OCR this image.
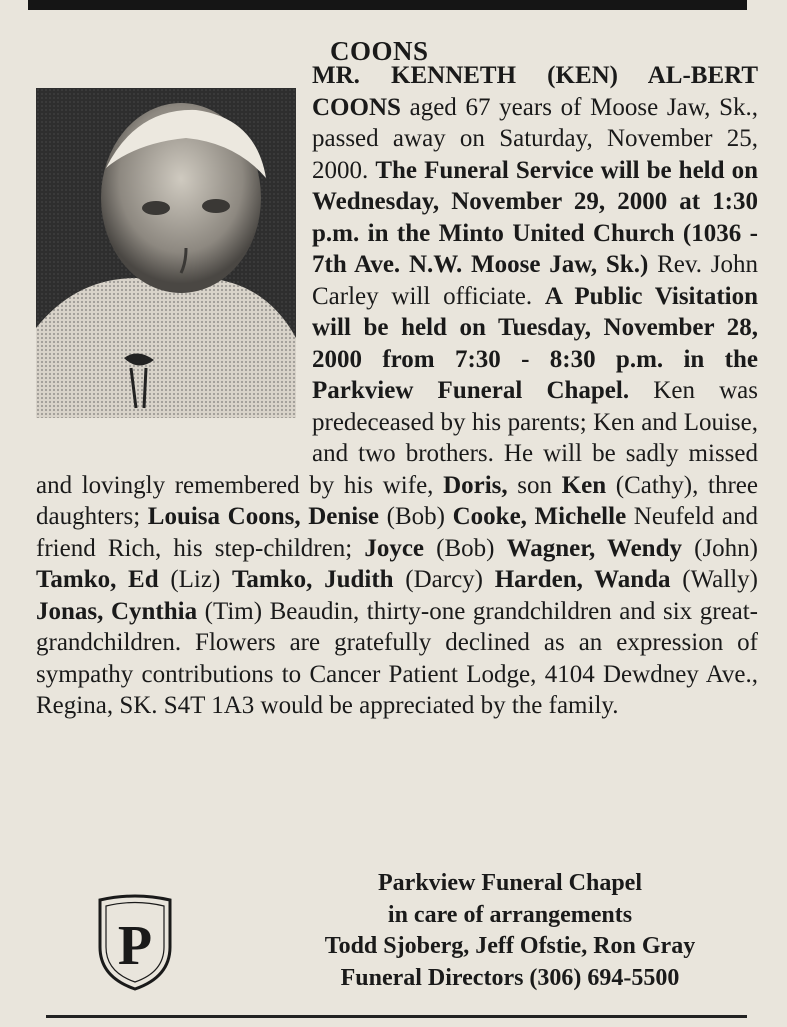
COONS
MR. KENNETH (KEN) AL-BERT COONS aged 67 years of Moose Jaw, Sk., passed away on Saturday, November 25, 2000. The Funeral Service will be held on Wednesday, November 29, 2000 at 1:30 p.m. in the Minto United Church (1036 - 7th Ave. N.W. Moose Jaw, Sk.) Rev. John Carley will officiate. A Public Visitation will be held on Tuesday, November 28, 2000 from 7:30 - 8:30 p.m. in the Parkview Funeral Chapel. Ken was predeceased by his parents; Ken and Louise, and two brothers. He will be sadly missed and lovingly remembered by his wife, Doris, son Ken (Cathy), three daughters; Louisa Coons, Denise (Bob) Cooke, Michelle Neufeld and friend Rich, his step-children; Joyce (Bob) Wagner, Wendy (John) Tamko, Ed (Liz) Tamko, Judith (Darcy) Harden, Wanda (Wally) Jonas, Cynthia (Tim) Beaudin, thirty-one grandchildren and six great-grandchildren. Flowers are gratefully declined as an expression of sympathy contributions to Cancer Patient Lodge, 4104 Dewdney Ave., Regina, SK. S4T 1A3 would be appreciated by the family.
P
Parkview Funeral Chapel
in care of arrangements
Todd Sjoberg, Jeff Ofstie, Ron Gray
Funeral Directors (306) 694-5500
